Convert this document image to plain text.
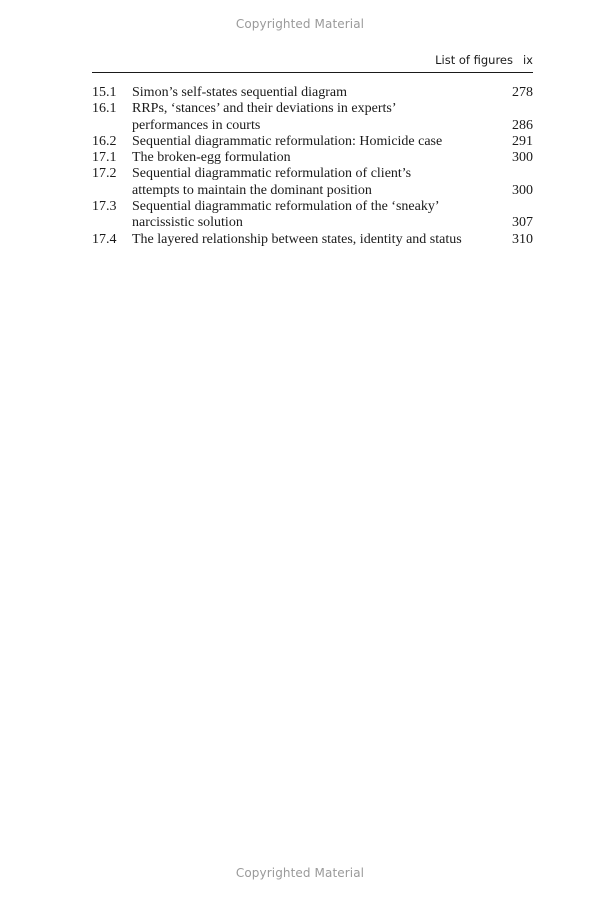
Copyrighted Material
List of figures ix
15.1	Simon’s self-states sequential diagram	278
16.1	RRPs, ‘stances’ and their deviations in experts’
performances in courts	286
16.2	Sequential diagrammatic reformulation: Homicide case	291
17.1	The broken-egg formulation	300
17.2	Sequential diagrammatic reformulation of client’s
attempts to maintain the dominant position	300
17.3	Sequential diagrammatic reformulation of the ‘sneaky’
narcissistic solution	307
17.4	The layered relationship between states, identity and status	310
Copyrighted Material
